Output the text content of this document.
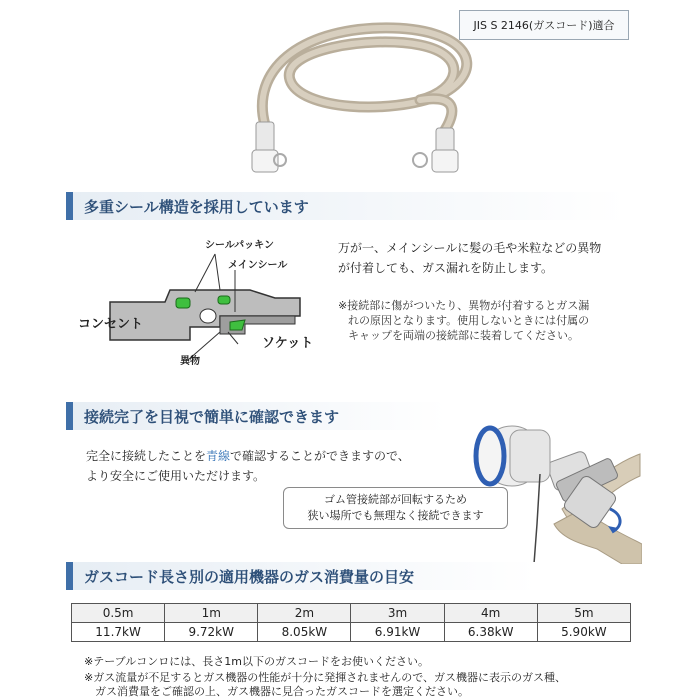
JIS S 2146(ガスコード)適合
多重シール構造を採用しています
シールパッキン
メインシール
コンセント
ソケット
異物
万が一、メインシールに髪の毛や米粒などの異物
が付着しても、ガス漏れを防止します。
※接続部に傷がついたり、異物が付着するとガス漏
れの原因となります。使用しないときには付属の
キャップを両端の接続部に装着してください。
接続完了を目視で簡単に確認できます
完全に接続したことを青線で確認することができますので、
より安全にご使用いただけます。
ゴム管接続部が回転するため
狭い場所でも無理なく接続できます
ガスコード長さ別の適用機器のガス消費量の目安
0.5m	1m	2m	3m	4m	5m
11.7kW	9.72kW	8.05kW	6.91kW	6.38kW	5.90kW
※テーブルコンロには、長さ1m以下のガスコードをお使いください。
※ガス流量が不足するとガス機器の性能が十分に発揮されませんので、ガス機器に表示のガス種、
　ガス消費量をご確認の上、ガス機器に見合ったガスコードを選定ください。
